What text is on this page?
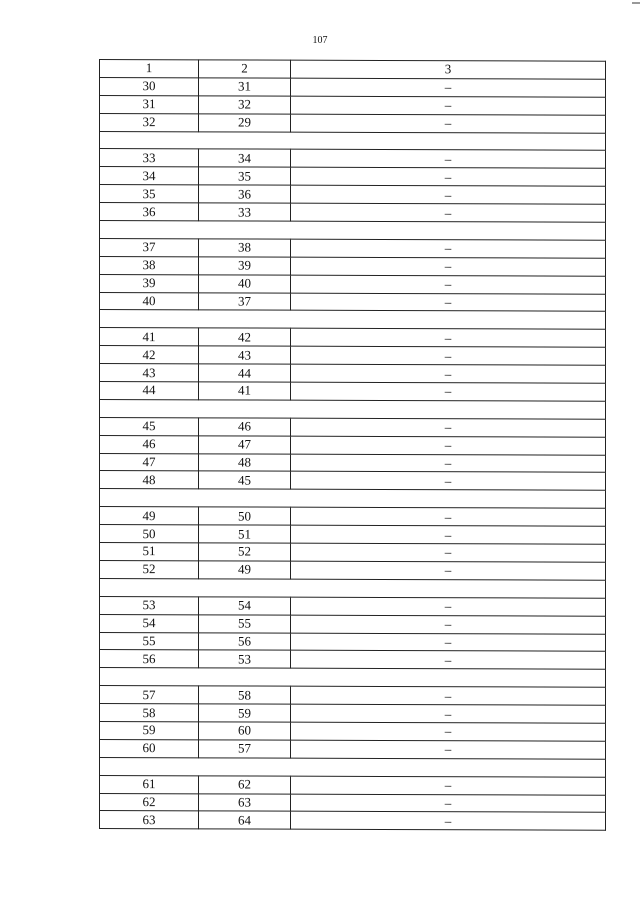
107
1	2	3
30	31	–
31	32	–
32	29	–

33	34	–
34	35	–
35	36	–
36	33	–

37	38	–
38	39	–
39	40	–
40	37	–

41	42	–
42	43	–
43	44	–
44	41	–

45	46	–
46	47	–
47	48	–
48	45	–

49	50	–
50	51	–
51	52	–
52	49	–

53	54	–
54	55	–
55	56	–
56	53	–

57	58	–
58	59	–
59	60	–
60	57	–

61	62	–
62	63	–
63	64	–
